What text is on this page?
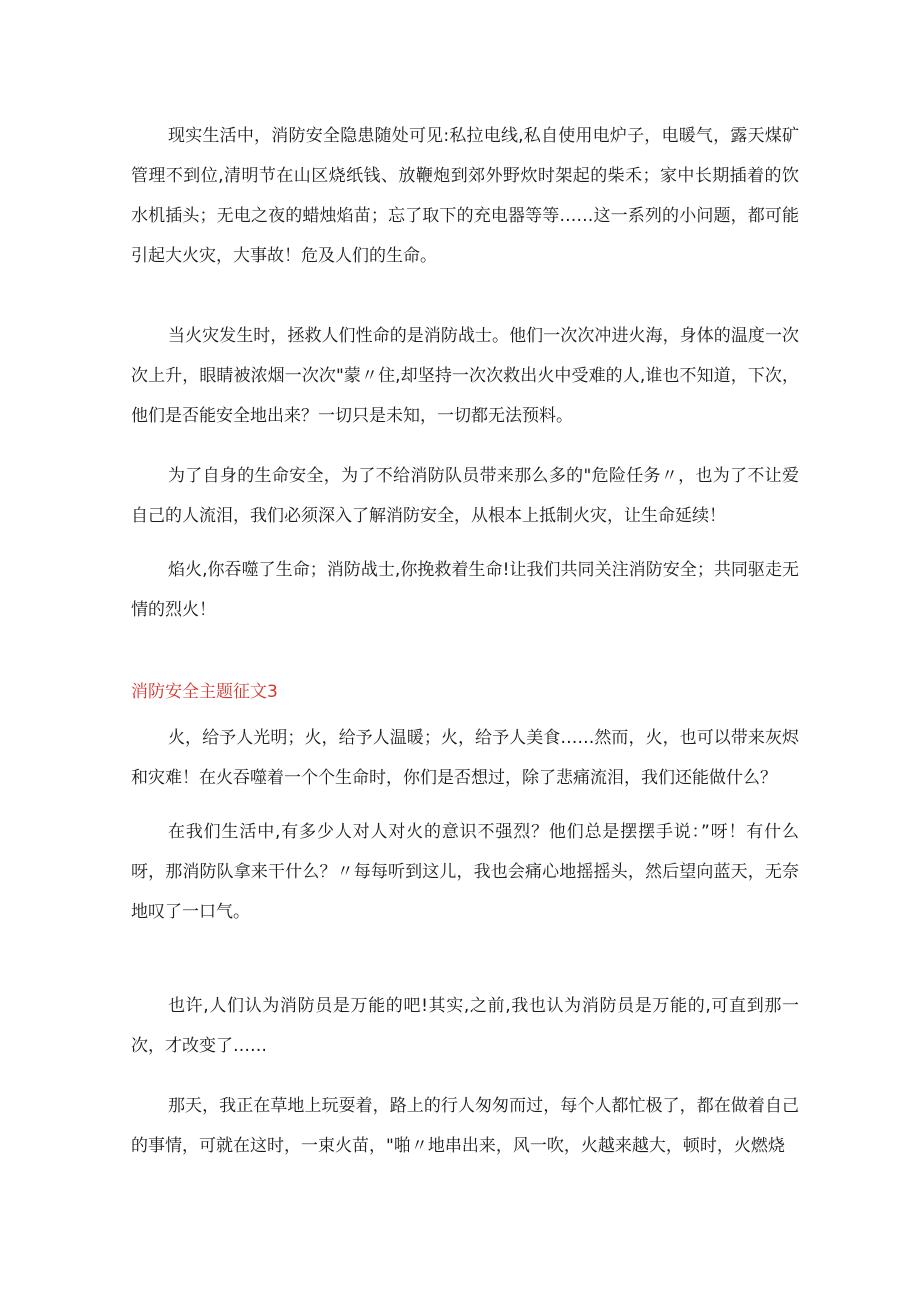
现实生活中，消防安全隐患随处可见:私拉电线,私自使用电炉子，电暖气，露天煤矿管理不到位,清明节在山区烧纸钱、放鞭炮到郊外野炊时架起的柴禾；家中长期插着的饮水机插头；无电之夜的蜡烛焰苗；忘了取下的充电器等等……这一系列的小问题，都可能引起大火灾，大事故！危及人们的生命。

当火灾发生时，拯救人们性命的是消防战士。他们一次次冲进火海，身体的温度一次次上升，眼睛被浓烟一次次"蒙〃住,却坚持一次次救出火中受难的人,谁也不知道，下次，他们是否能安全地出来？一切只是未知，一切都无法预料。

为了自身的生命安全，为了不给消防队员带来那么多的"危险任务〃，也为了不让爱自己的人流泪，我们必须深入了解消防安全，从根本上抵制火灾，让生命延续！

焰火,你吞噬了生命；消防战士,你挽救着生命!让我们共同关注消防安全；共同驱走无情的烈火！

消防安全主题征文3

火，给予人光明；火，给予人温暖；火，给予人美食……然而，火，也可以带来灰烬和灾难！在火吞噬着一个个生命时，你们是否想过，除了悲痛流泪，我们还能做什么？

在我们生活中,有多少人对人对火的意识不强烈？他们总是摆摆手说：”呀！有什么呀，那消防队拿来干什么？〃每每听到这儿，我也会痛心地摇摇头，然后望向蓝天，无奈地叹了一口气。

也许,人们认为消防员是万能的吧!其实,之前,我也认为消防员是万能的,可直到那一次，才改变了……

那天，我正在草地上玩耍着，路上的行人匆匆而过，每个人都忙极了，都在做着自己的事情，可就在这时，一束火苗，"啪〃地串出来，风一吹，火越来越大，顿时，火燃烧
